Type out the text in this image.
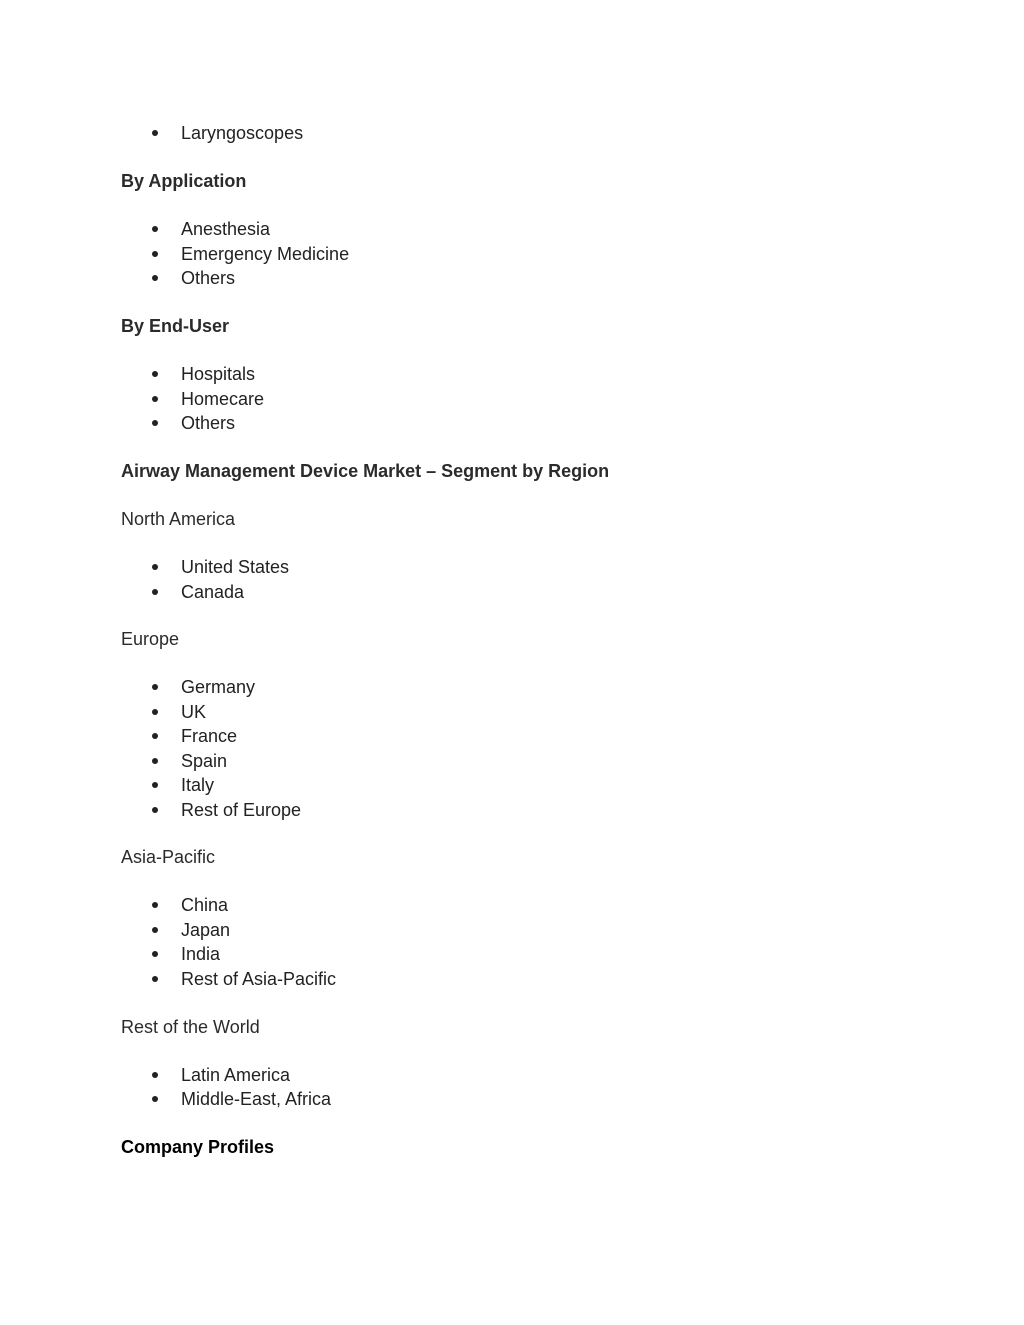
Laryngoscopes
By Application
Anesthesia
Emergency Medicine
Others
By End-User
Hospitals
Homecare
Others
Airway Management Device Market – Segment by Region
North America
United States
Canada
Europe
Germany
UK
France
Spain
Italy
Rest of Europe
Asia-Pacific
China
Japan
India
Rest of Asia-Pacific
Rest of the World
Latin America
Middle-East, Africa
Company Profiles
